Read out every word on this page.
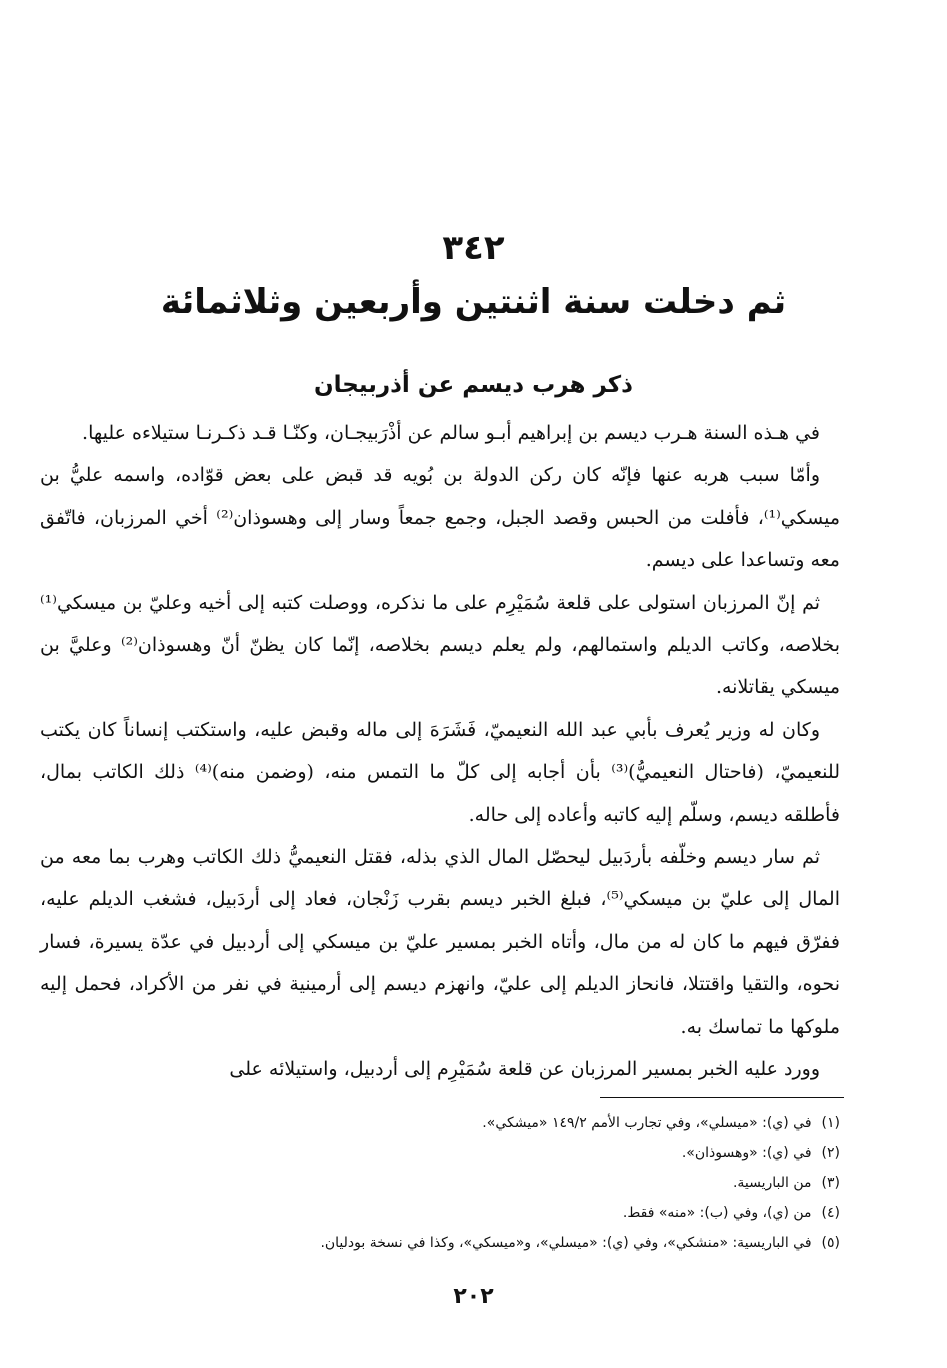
٣٤٢
ثم دخلت سنة اثنتين وأربعين وثلاثمائة
ذكر هرب ديسم عن أذربيجان

في هـذه السنة هـرب ديسم بن إبراهيم أبـو سالم عن أذْرَبيجـان، وكنّـا قـد ذكـرنـا ستيلاءه عليها.

وأمّا سبب هربه عنها فإنّه كان ركن الدولة بن بُويه قد قبض على بعض قوّاده، واسمه عليُّ بن ميسكي⁽¹⁾، فأفلت من الحبس وقصد الجبل، وجمع جمعاً وسار إلى وهسوذان⁽²⁾ أخي المرزبان، فاتّفق معه وتساعدا على ديسم.

ثم إنّ المرزبان استولى على قلعة سُمَيْرِم على ما نذكره، ووصلت كتبه إلى أخيه وعليّ بن ميسكي⁽¹⁾ بخلاصه، وكاتب الديلم واستمالهم، ولم يعلم ديسم بخلاصه، إنّما كان يظنّ أنّ وهسوذان⁽²⁾ وعليَّ بن ميسكي يقاتلانه.

وكان له وزير يُعرف بأبي عبد الله النعيميّ، فَشَرَهَ إلى ماله وقبض عليه، واستكتب إنساناً كان يكتب للنعيميّ، (فاحتال النعيميُّ)⁽³⁾ بأن أجابه إلى كلّ ما التمس منه، (وضمن منه)⁽⁴⁾ ذلك الكاتب بمال، فأطلقه ديسم، وسلّم إليه كاتبه وأعاده إلى حاله.

ثم سار ديسم وخلّفه بأردَبيل ليحصّل المال الذي بذله، فقتل النعيميُّ ذلك الكاتب وهرب بما معه من المال إلى عليّ بن ميسكي⁽⁵⁾، فبلغ الخبر ديسم بقرب زَنْجان، فعاد إلى أردَبيل، فشغب الديلم عليه، ففرّق فيهم ما كان له من مال، وأتاه الخبر بمسير عليّ بن ميسكي إلى أردبيل في عدّة يسيرة، فسار نحوه، والتقيا واقتتلا، فانحاز الديلم إلى عليّ، وانهزم ديسم إلى أرمينية في نفر من الأكراد، فحمل إليه ملوكها ما تماسك به.

وورد عليه الخبر بمسير المرزبان عن قلعة سُمَيْرِم إلى أردبيل، واستيلائه على

(١)في (ي): «ميسلي»، وفي تجارب الأمم ١٤٩/٢ «ميشكي».
(٢)في (ي): «وهسوذان».
(٣)من الباريسية.
(٤)من (ي)، وفي (ب): «منه» فقط.
(٥)في الباريسية: «منشكي»، وفي (ي): «ميسلي»، و«ميسكي»، وكذا في نسخة بودليان.
٢٠٢
